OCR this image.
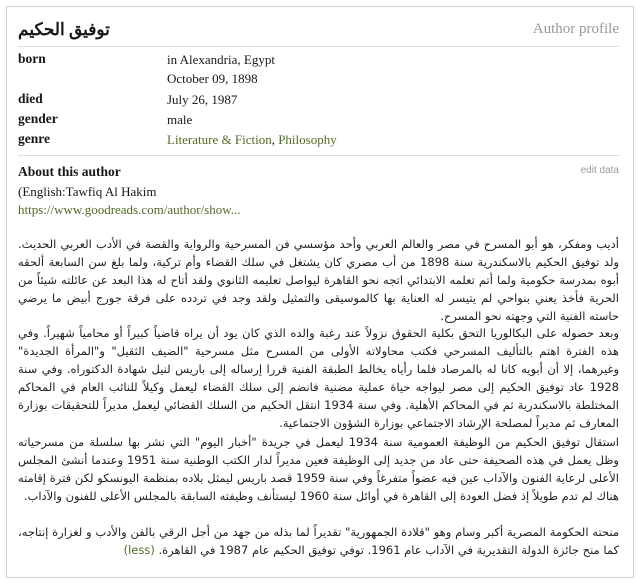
توفيق الحكيم	Author profile
born	in Alexandria, Egypt
October 09, 1898
died	July 26, 1987
gender	male
genre	Literature & Fiction, Philosophy
About this author	edit data
(English:Tawfiq Al Hakim
https://www.goodreads.com/author/show...
أديب ومفكر، هو أبو المسرح في مصر والعالم العربي وأحد مؤسسي فن المسرحية والرواية والقصة في الأدب العربي الحديث. ولد توفيق الحكيم بالاسكندرية سنة 1898 من أب مصري كان يشتغل في سلك القضاء وأم تركية، ولما بلغ سن السابعة ألحقه أبوه بمدرسة حكومية ولما أتم تعلمه الابتدائي اتجه نحو القاهرة ليواصل تعليمه الثانوي ولقد أتاح له هذا البعد عن عائلته شيئاً من الحرية فأخذ يعني بنواحي لم يتيسر له العناية بها كالموسيقى والتمثيل ولقد وجد في تردده على فرقة جورج أبيض ما يرضي حاسته الفنية التي وجهته نحو المسرح.
وبعد حصوله على البكالوريا التحق بكلية الحقوق نزولاً عند رغبة والده الذي كان يود أن يراه قاضياً كبيراً أو محامياً شهيراً. وفي هذه الفترة اهتم بالتأليف المسرحي فكتب محاولاته الأولى من المسرح مثل مسرحية "الضيف الثقيل" و"المرأة الجديدة" وغيرهما، إلا أن أبويه كانا له بالمرصاد فلما رأياه يخالط الطبقة الفنية قررا إرساله إلى باريس لنيل شهادة الدكتوراه. وفي سنة 1928 عاد توفيق الحكيم إلى مصر ليواجه حياة عملية مضنية فانضم إلى سلك القضاء ليعمل وكيلاً للنائب العام في المحاكم المختلطة بالاسكندرية ثم في المحاكم الأهلية. وفي سنة 1934 انتقل الحكيم من السلك القضائي ليعمل مديراً للتحقيقات بوزارة المعارف ثم مديراً لمصلحة الإرشاد الاجتماعي بوزارة الشؤون الاجتماعية.
استقال توفيق الحكيم من الوظيفة العمومية سنة 1934 ليعمل في جريدة "أخبار اليوم" التي نشر بها سلسلة من مسرحياته وظل يعمل في هذه الصحيفة حتى عاد من جديد إلى الوظيفة فعين مديراً لدار الكتب الوطنية سنة 1951 وعندما أنشئ المجلس الأعلى لرعاية الفنون والآداب عين فيه عضواً متفرغاً وفي سنة 1959 قصد باريس ليمثل بلاده بمنظمة اليونسكو لكن فترة إقامته هناك لم تدم طويلاً إذ فضل العودة إلى القاهرة في أوائل سنة 1960 ليستأنف وظيفته السابقة بالمجلس الأعلى للفنون والآداب.
منحته الحكومة المصرية أكبر وسام وهو "قلادة الجمهورية" تقديراً لما بذله من جهد من أجل الرقي بالفن والأدب و لغزارة إنتاجه، كما منح جائزة الدولة التقديرية في الآداب عام 1961. توفي توفيق الحكيم عام 1987 في القاهرة. (less)
